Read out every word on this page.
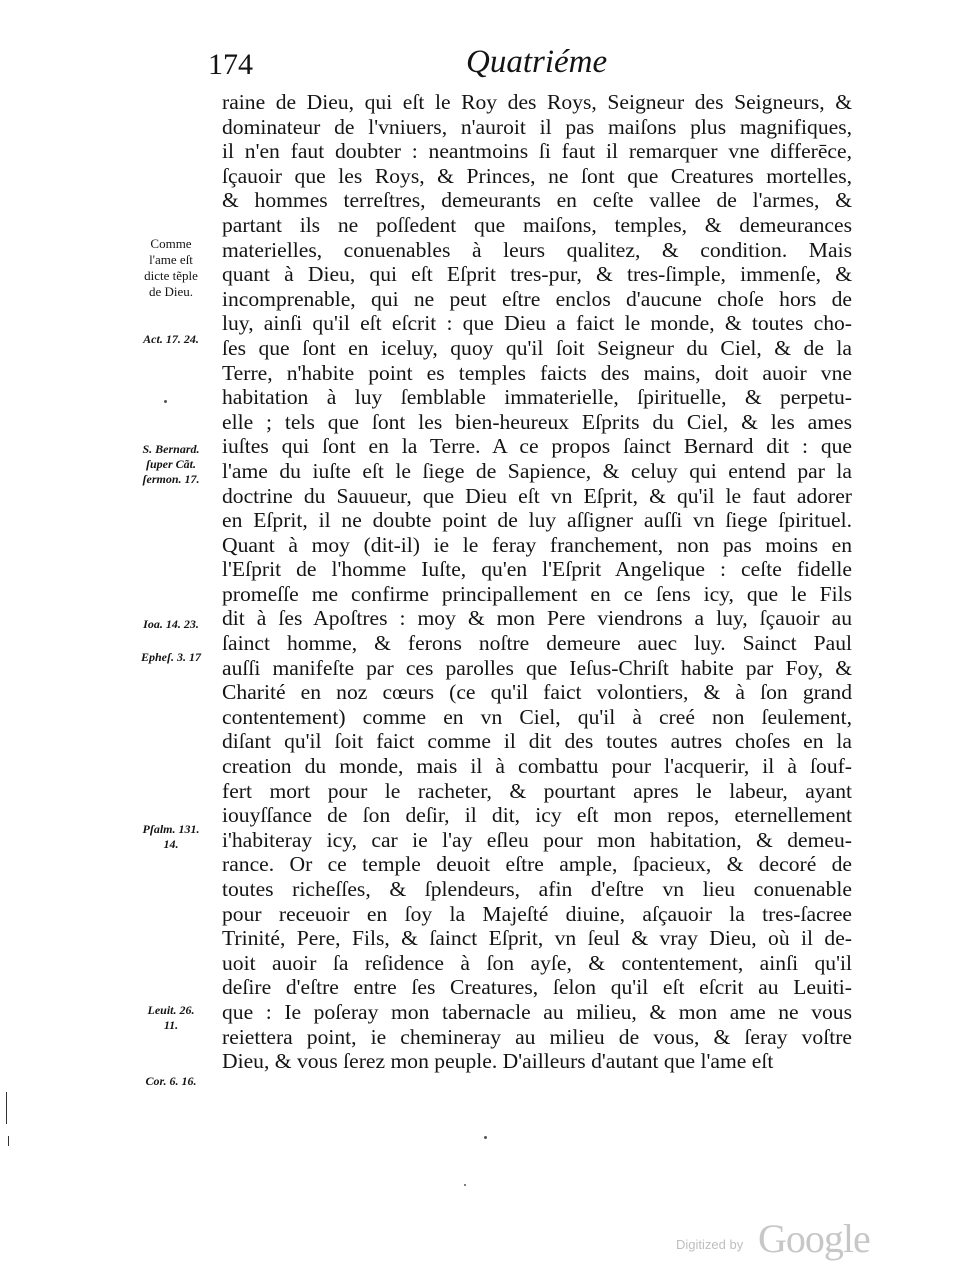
174	Quatriéme
raine de Dieu, qui eſt le Roy des Roys, Seigneur des Seigneurs, &
dominateur de l'vniuers, n'auroit il pas maiſons plus magnifiques,
il n'en faut doubter : neantmoins ſi faut il remarquer vne differēce,
ſçauoir que les Roys, & Princes, ne ſont que Creatures mortelles,
& hommes terreſtres, demeurants en ceſte vallee de l'armes, &
partant ils ne poſſedent que maiſons, temples, & demeurances
materielles, conuenables à leurs qualitez, & condition. Mais
quant à Dieu, qui eſt Eſprit tres-pur, & tres-ſimple, immenſe, &
incomprenable, qui ne peut eſtre enclos d'aucune choſe hors de
luy, ainſi qu'il eſt eſcrit : que Dieu a faict le monde, & toutes cho-
ſes que ſont en iceluy, quoy qu'il ſoit Seigneur du Ciel, & de la
Terre, n'habite point es temples faicts des mains, doit auoir vne
habitation à luy ſemblable immaterielle, ſpirituelle, & perpetu-
elle ; tels que ſont les bien-heureux Eſprits du Ciel, & les ames
iuſtes qui ſont en la Terre. A ce propos ſainct Bernard dit : que
l'ame du iuſte eſt le ſiege de Sapience, & celuy qui entend par la
doctrine du Sauueur, que Dieu eſt vn Eſprit, & qu'il le faut adorer
en Eſprit, il ne doubte point de luy aſſigner auſſi vn ſiege ſpirituel.
Quant à moy (dit-il) ie le feray franchement, non pas moins en
l'Eſprit de l'homme Iuſte, qu'en l'Eſprit Angelique : ceſte fidelle
promeſſe me confirme principallement en ce ſens icy, que le Fils
dit à ſes Apoſtres : moy & mon Pere viendrons a luy, ſçauoir au
ſainct homme, & ferons noſtre demeure auec luy. Sainct Paul
auſſi manifeſte par ces parolles que Ieſus-Chriſt habite par Foy, &
Charité en noz cœurs (ce qu'il faict volontiers, & à ſon grand
contentement) comme en vn Ciel, qu'il à creé non ſeulement,
diſant qu'il ſoit faict comme il dit des toutes autres choſes en la
creation du monde, mais il à combattu pour l'acquerir, il à ſouf-
fert mort pour le racheter, & pourtant apres le labeur, ayant
iouyſſance de ſon deſir, il dit, icy eſt mon repos, eternellement
i'habiteray icy, car ie l'ay eſleu pour mon habitation, & demeu-
rance. Or ce temple deuoit eſtre ample, ſpacieux, & decoré de
toutes richeſſes, & ſplendeurs, afin d'eſtre vn lieu conuenable
pour receuoir en ſoy la Majeſté diuine, aſçauoir la tres-ſacree
Trinité, Pere, Fils, & ſainct Eſprit, vn ſeul & vray Dieu, où il de-
uoit auoir ſa reſidence à ſon ayſe, & contentement, ainſi qu'il
deſire d'eſtre entre ſes Creatures, ſelon qu'il eſt eſcrit au Leuiti-
que : Ie poſeray mon tabernacle au milieu, & mon ame ne vous
reiettera point, ie chemineray au milieu de vous, & ſeray voſtre
Dieu, & vous ſerez mon peuple. D'ailleurs d'autant que l'ame eſt
Comme
l'ame eſt
dicte tẽple
de Dieu.
Act. 17. 24.
S. Bernard.
ſuper Cãt.
ſermon. 17.
Ioa. 14. 23.
Epheſ. 3. 17
Pſalm. 131.
14.
Leuit. 26.
11.
Cor. 6. 16.
Digitized by Google
